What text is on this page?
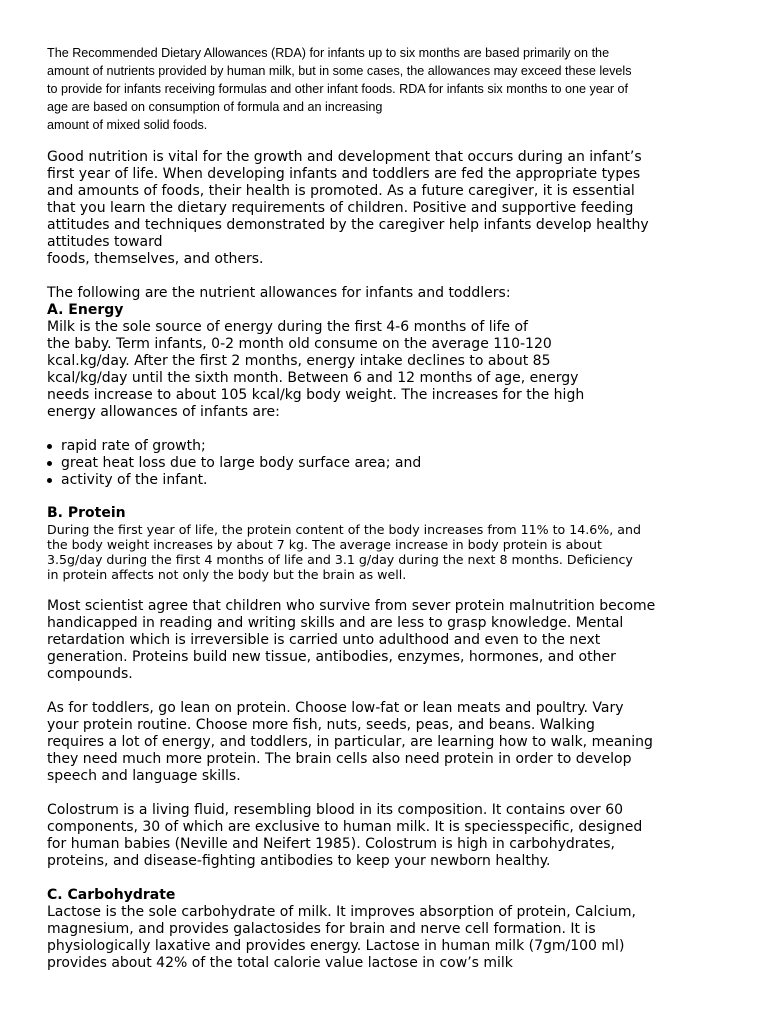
The Recommended Dietary Allowances (RDA) for infants up to six months are based primarily on the
amount of nutrients provided by human milk, but in some cases, the allowances may exceed these levels
to provide for infants receiving formulas and other infant foods. RDA for infants six months to one year of
age are based on consumption of formula and an increasing
amount of mixed solid foods.

Good nutrition is vital for the growth and development that occurs during an infant’s
first year of life. When developing infants and toddlers are fed the appropriate types
and amounts of foods, their health is promoted. As a future caregiver, it is essential
that you learn the dietary requirements of children. Positive and supportive feeding
attitudes and techniques demonstrated by the caregiver help infants develop healthy
attitudes toward
foods, themselves, and others.

The following are the nutrient allowances for infants and toddlers:

A. Energy

Milk is the sole source of energy during the first 4-6 months of life of
the baby. Term infants, 0-2 month old consume on the average 110-120
kcal.kg/day. After the first 2 months, energy intake declines to about 85
kcal/kg/day until the sixth month. Between 6 and 12 months of age, energy
needs increase to about 105 kcal/kg body weight. The increases for the high
energy allowances of infants are:

rapid rate of growth;
great heat loss due to large body surface area; and
activity of the infant.

B. Protein

During the first year of life, the protein content of the body increases from 11% to 14.6%, and
the body weight increases by about 7 kg. The average increase in body protein is about
3.5g/day during the first 4 months of life and 3.1 g/day during the next 8 months. Deficiency
in protein affects not only the body but the brain as well.

Most scientist agree that children who survive from sever protein malnutrition become
handicapped in reading and writing skills and are less to grasp knowledge. Mental
retardation which is irreversible is carried unto adulthood and even to the next
generation. Proteins build new tissue, antibodies, enzymes, hormones, and other
compounds.

As for toddlers, go lean on protein. Choose low-fat or lean meats and poultry. Vary
your protein routine. Choose more fish, nuts, seeds, peas, and beans. Walking
requires a lot of energy, and toddlers, in particular, are learning how to walk, meaning
they need much more protein. The brain cells also need protein in order to develop
speech and language skills.

Colostrum is a living fluid, resembling blood in its composition. It contains over 60
components, 30 of which are exclusive to human milk. It is speciesspecific, designed
for human babies (Neville and Neifert 1985). Colostrum is high in carbohydrates,
proteins, and disease-fighting antibodies to keep your newborn healthy.

C. Carbohydrate

Lactose is the sole carbohydrate of milk. It improves absorption of protein, Calcium,
magnesium, and provides galactosides for brain and nerve cell formation. It is
physiologically laxative and provides energy. Lactose in human milk (7gm/100 ml)
provides about 42% of the total calorie value lactose in cow’s milk
